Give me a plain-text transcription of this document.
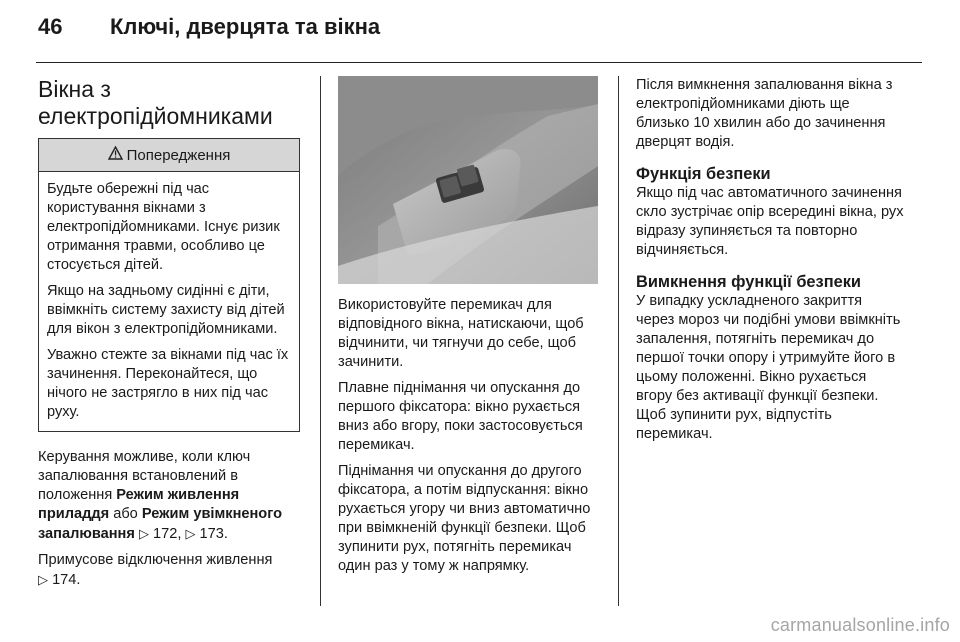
46 Ключі, дверцята та вікна
Вікна з електропідйомниками
Попередження

Будьте обережні під час користування вікнами з електропідйомниками. Існує ризик отримання травми, особливо це стосується дітей.

Якщо на задньому сидінні є діти, ввімкніть систему захисту від дітей для вікон з електропідйомниками.

Уважно стежте за вікнами під час їх зачинення. Переконайтеся, що нічого не застрягло в них під час руху.

Керування можливе, коли ключ запалювання встановлений в положення Режим живлення приладдя або Режим увімкненого запалювання ▷ 172, ▷ 173.

Примусове відключення живлення
▷ 174.

Використовуйте перемикач для відповідного вікна, натискаючи, щоб відчинити, чи тягнучи до себе, щоб зачинити.

Плавне піднімання чи опускання до першого фіксатора: вікно рухається вниз або вгору, поки застосовується перемикач.

Піднімання чи опускання до другого фіксатора, а потім відпускання: вікно рухається угору чи вниз автоматично при ввімкненій функції безпеки. Щоб зупинити рух, потягніть перемикач один раз у тому ж напрямку.

Після вимкнення запалювання вікна з електропідйомниками діють ще близько 10 хвилин або до зачинення дверцят водія.

Функція безпеки

Якщо під час автоматичного зачинення скло зустрічає опір всередині вікна, рух відразу зупиняється та повторно відчиняється.

Вимкнення функції безпеки

У випадку ускладненого закриття через мороз чи подібні умови ввімкніть запалення, потягніть перемикач до першої точки опору і утримуйте його в цьому положенні. Вікно рухається вгору без активації функції безпеки. Щоб зупинити рух, відпустіть перемикач.

carmanualsonline.info
